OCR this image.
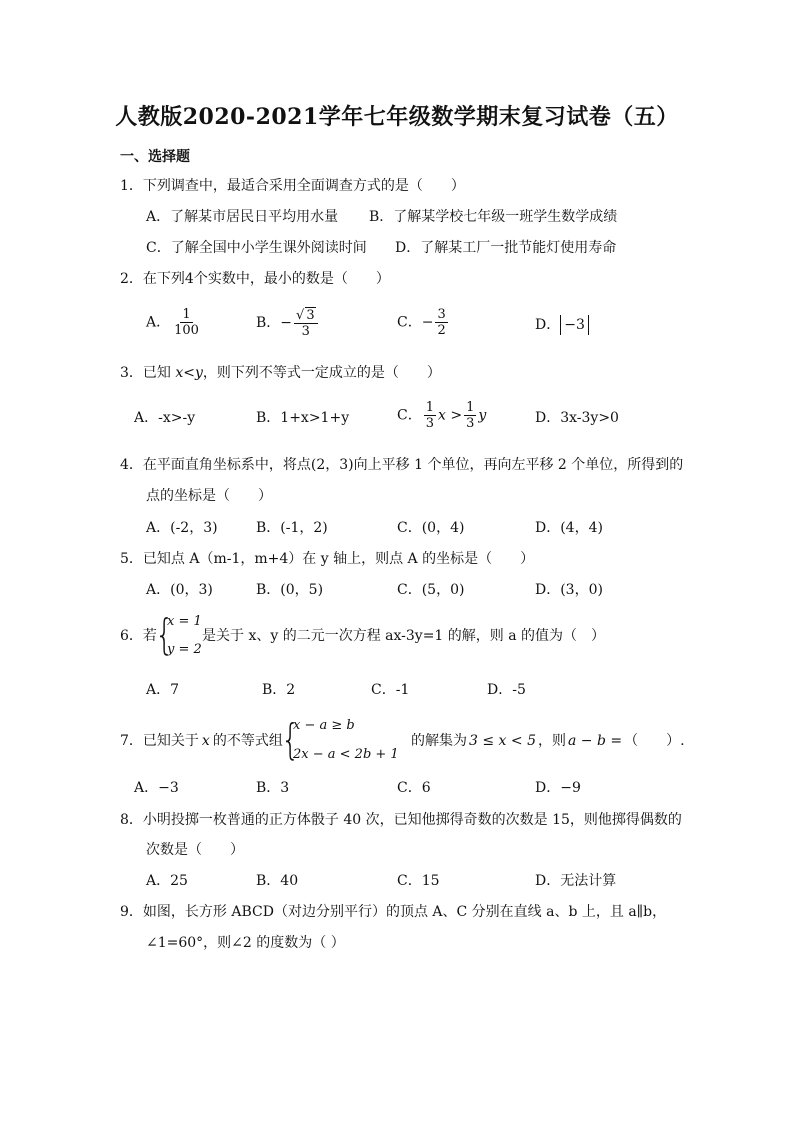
人教版2020-2021学年七年级数学期末复习试卷（五）
一、选择题
1．下列调查中，最适合采用全面调查方式的是（　　）
A．了解某市居民日平均用水量 B．了解某学校七年级一班学生数学成绩
C．了解全国中小学生课外阅读时间 D．了解某工厂一批节能灯使用寿命
2．在下列4个实数中，最小的数是（　　）
A． $\frac{1}{100}$	B．− $\frac{√ 3}{3}$	C．− $\frac{3}{2}$	D． −3
3．已知 x<y，则下列不等式一定成立的是（　　）
A．-x>-y	B．1+x>1+y	C． $\frac{1}{3}$ $x > \frac{1}{3}$ y	D．3x-3y>0
4．在平面直角坐标系中，将点(2，3)向上平移 1 个单位，再向左平移 2 个单位，所得到的
点的坐标是（　　）
A．(-2，3)	B．(-1，2)	C．(0，4)	D．(4，4)
5．已知点 A（m-1，m+4）在 y 轴上，则点 A 的坐标是（　　）
A．(0，3)	B．(0，5)	C．(5，0)	D．(3，0)
6．若
{
x = 1
y = 2
是关于 x、y 的二元一次方程 ax-3y=1 的解，则 a 的值为（　）
A．7	B．2	C．-1	D．-5
7．已知关于 x 的不等式组
{
x − a ≥ b
2x − a < 2b + 1
的解集为 3 ≤ x < 5 ，则 a − b = （　　）.
A．−3	B．3	C．6	D．−9
8．小明投掷一枚普通的正方体骰子 40 次，已知他掷得奇数的次数是 15，则他掷得偶数的
次数是（　　）
A．25	B．40	C．15	D．无法计算
9．如图，长方形 ABCD（对边分别平行）的顶点 A、C 分别在直线 a、b 上，且 a∥b，
∠1=60°，则∠2 的度数为（ ）
